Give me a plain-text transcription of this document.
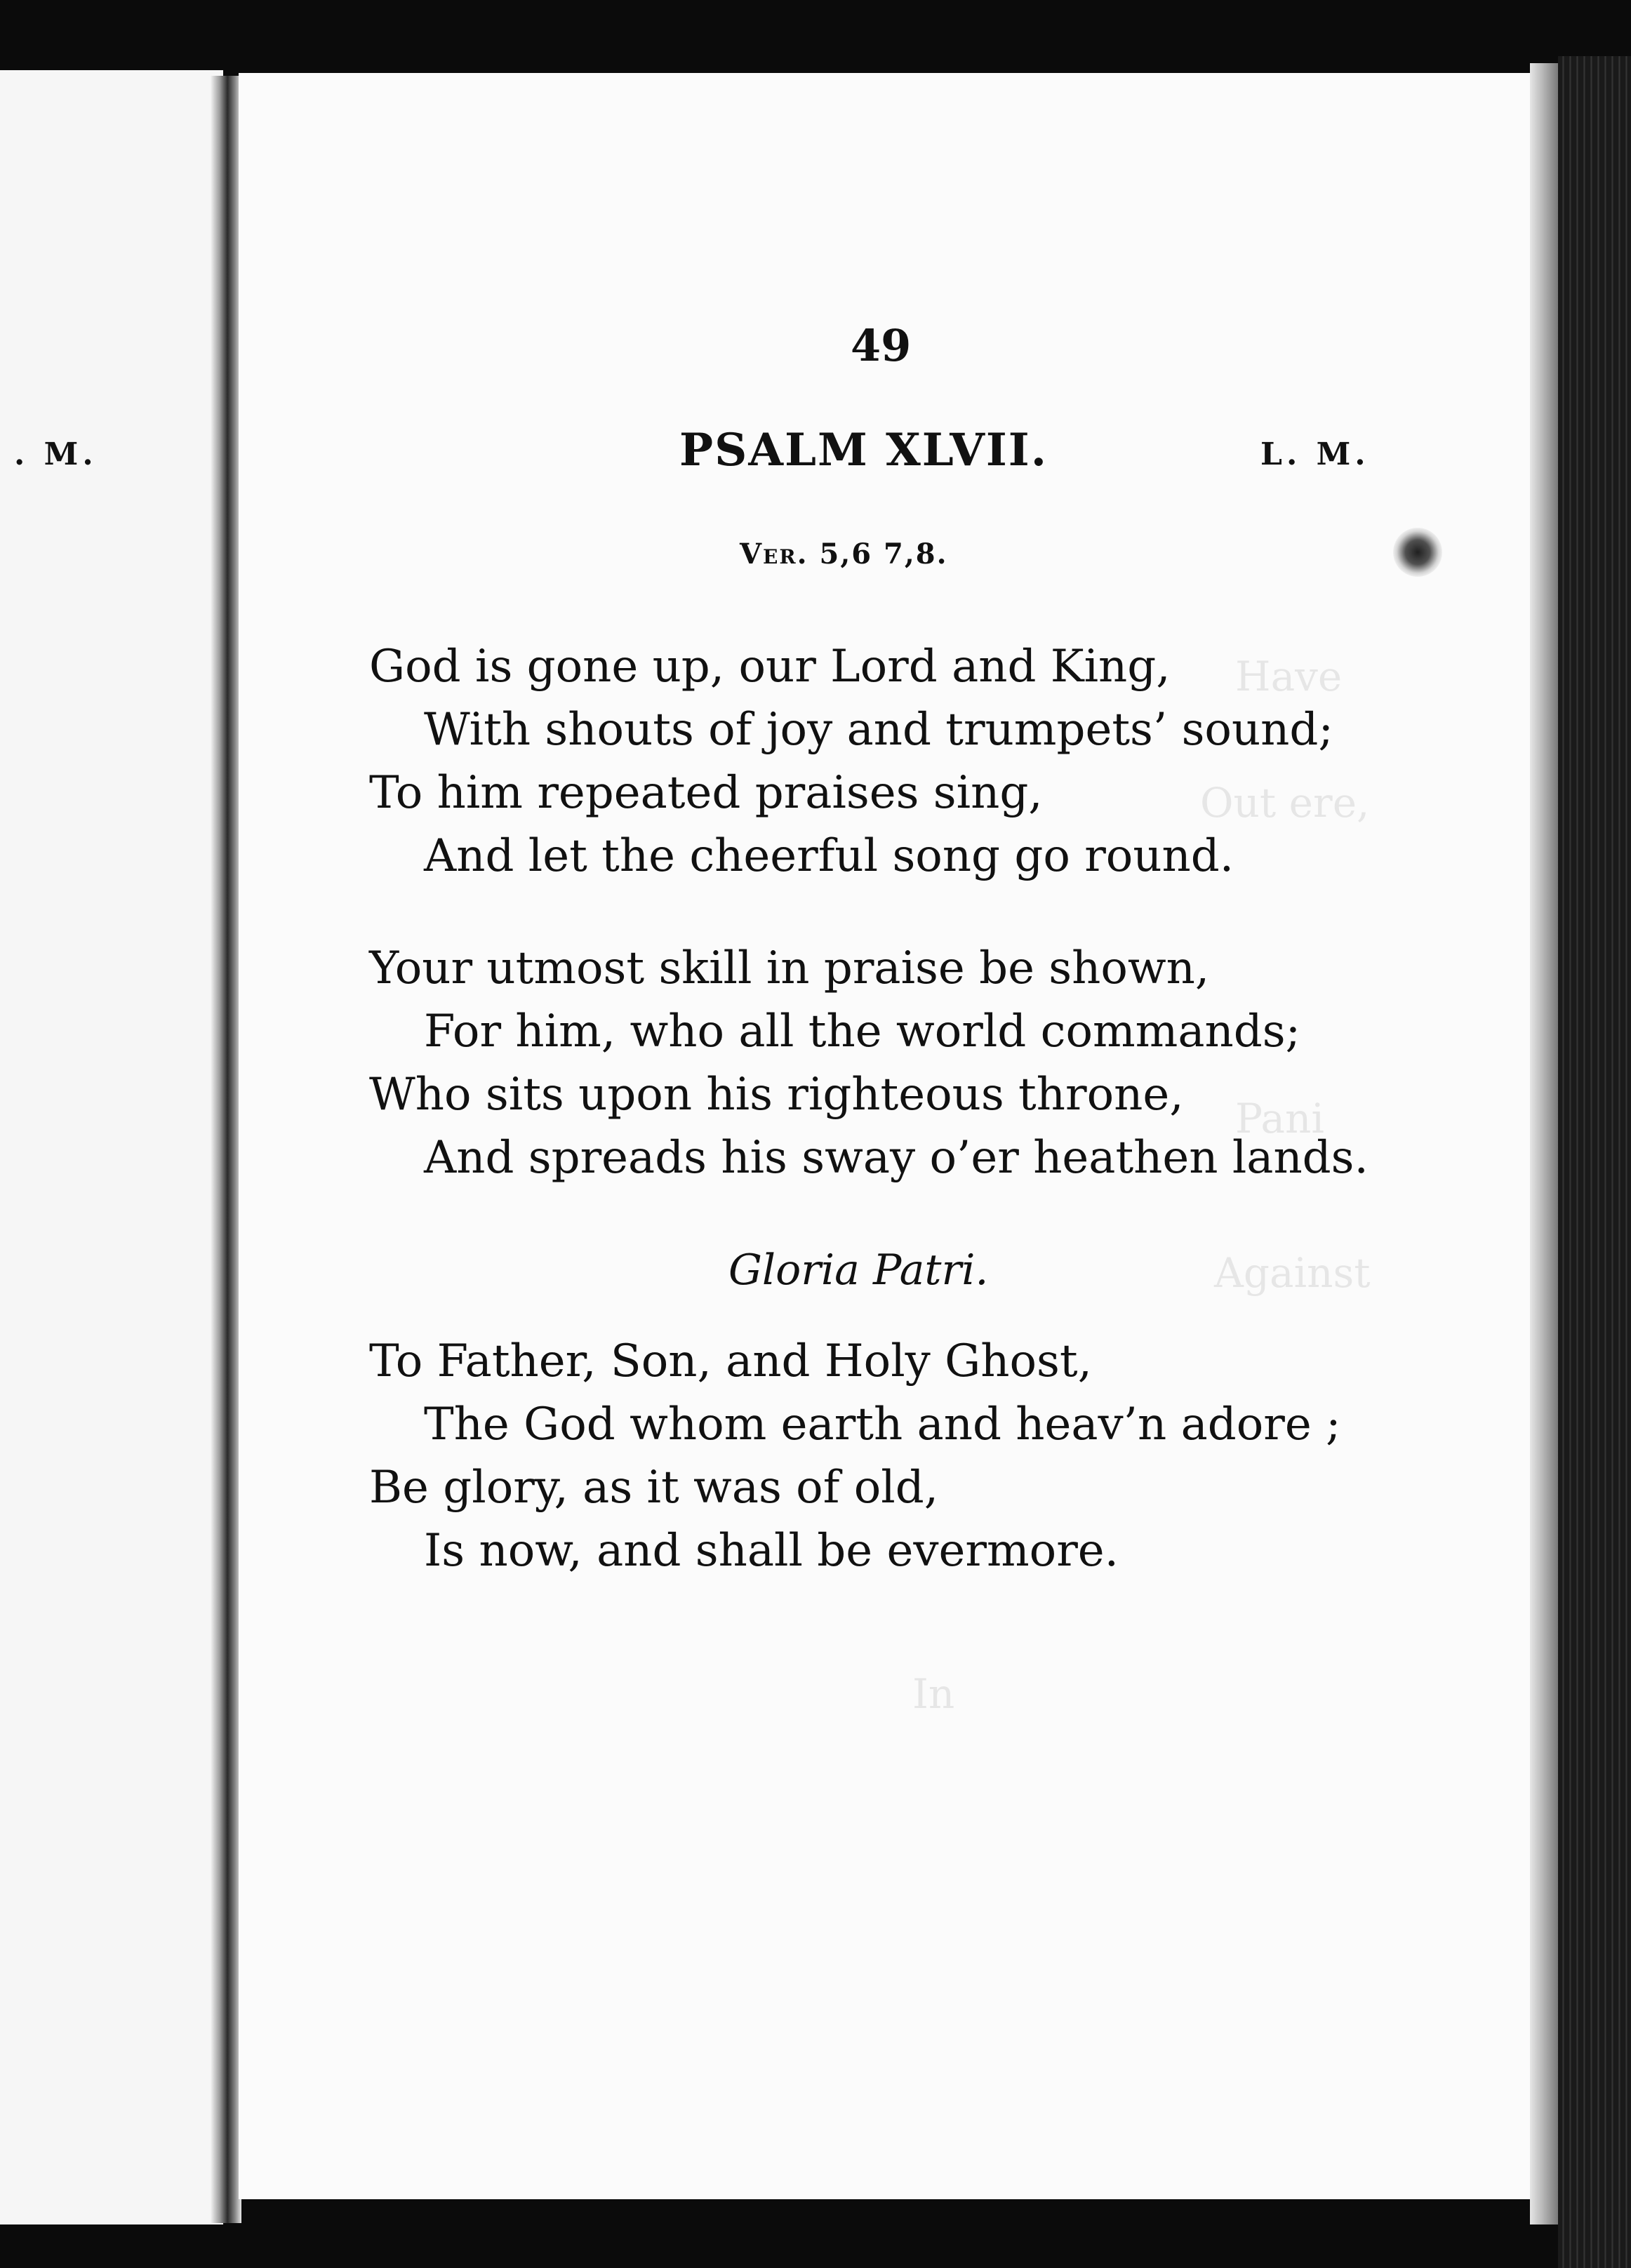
Have
Out ere,
Pani
Against
In

49

. M.	PSALM XLVII.	L. M.

Ver. 5,6 7,8.

God is gone up, our Lord and King,
With shouts of joy and trumpets’ sound;
To him repeated praises sing,
And let the cheerful song go round.
Your utmost skill in praise be shown,
For him, who all the world commands;
Who sits upon his righteous throne,
And spreads his sway o’er heathen lands.

Gloria Patri.

To Father, Son, and Holy Ghost,
The God whom earth and heav’n adore ;
Be glory, as it was of old,
Is now, and shall be evermore.
